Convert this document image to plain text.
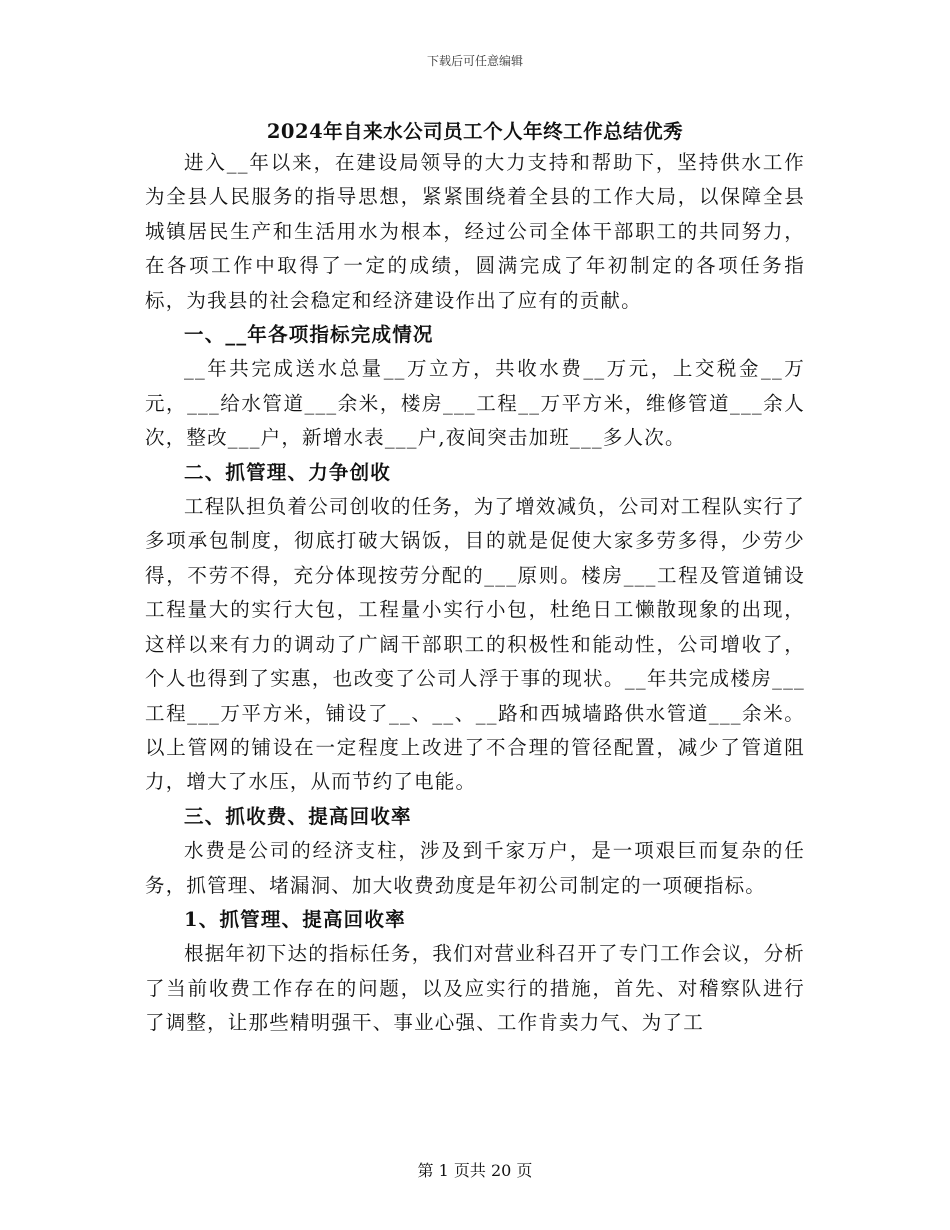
下载后可任意编辑
2024年自来水公司员工个人年终工作总结优秀

进入__年以来，在建设局领导的大力支持和帮助下，坚持供水工作为全县人民服务的指导思想，紧紧围绕着全县的工作大局，以保障全县城镇居民生产和生活用水为根本，经过公司全体干部职工的共同努力，在各项工作中取得了一定的成绩，圆满完成了年初制定的各项任务指标，为我县的社会稳定和经济建设作出了应有的贡献。

一、__年各项指标完成情况

__年共完成送水总量__万立方，共收水费__万元，上交税金__万元，___给水管道___余米，楼房___工程__万平方米，维修管道___余人次，整改___户，新增水表___户,夜间突击加班___多人次。

二、抓管理、力争创收

工程队担负着公司创收的任务，为了增效减负，公司对工程队实行了多项承包制度，彻底打破大锅饭，目的就是促使大家多劳多得，少劳少得，不劳不得，充分体现按劳分配的___原则。楼房___工程及管道铺设工程量大的实行大包，工程量小实行小包，杜绝日工懒散现象的出现，这样以来有力的调动了广阔干部职工的积极性和能动性，公司增收了，个人也得到了实惠，也改变了公司人浮于事的现状。__年共完成楼房___工程___万平方米，铺设了__、__、__路和西城墙路供水管道___余米。以上管网的铺设在一定程度上改进了不合理的管径配置，减少了管道阻力，增大了水压，从而节约了电能。

三、抓收费、提高回收率

水费是公司的经济支柱，涉及到千家万户，是一项艰巨而复杂的任务，抓管理、堵漏洞、加大收费劲度是年初公司制定的一项硬指标。

1、抓管理、提高回收率

根据年初下达的指标任务，我们对营业科召开了专门工作会议，分析了当前收费工作存在的问题，以及应实行的措施，首先、对稽察队进行了调整，让那些精明强干、事业心强、工作肯卖力气、为了工

第 1 页共 20 页
